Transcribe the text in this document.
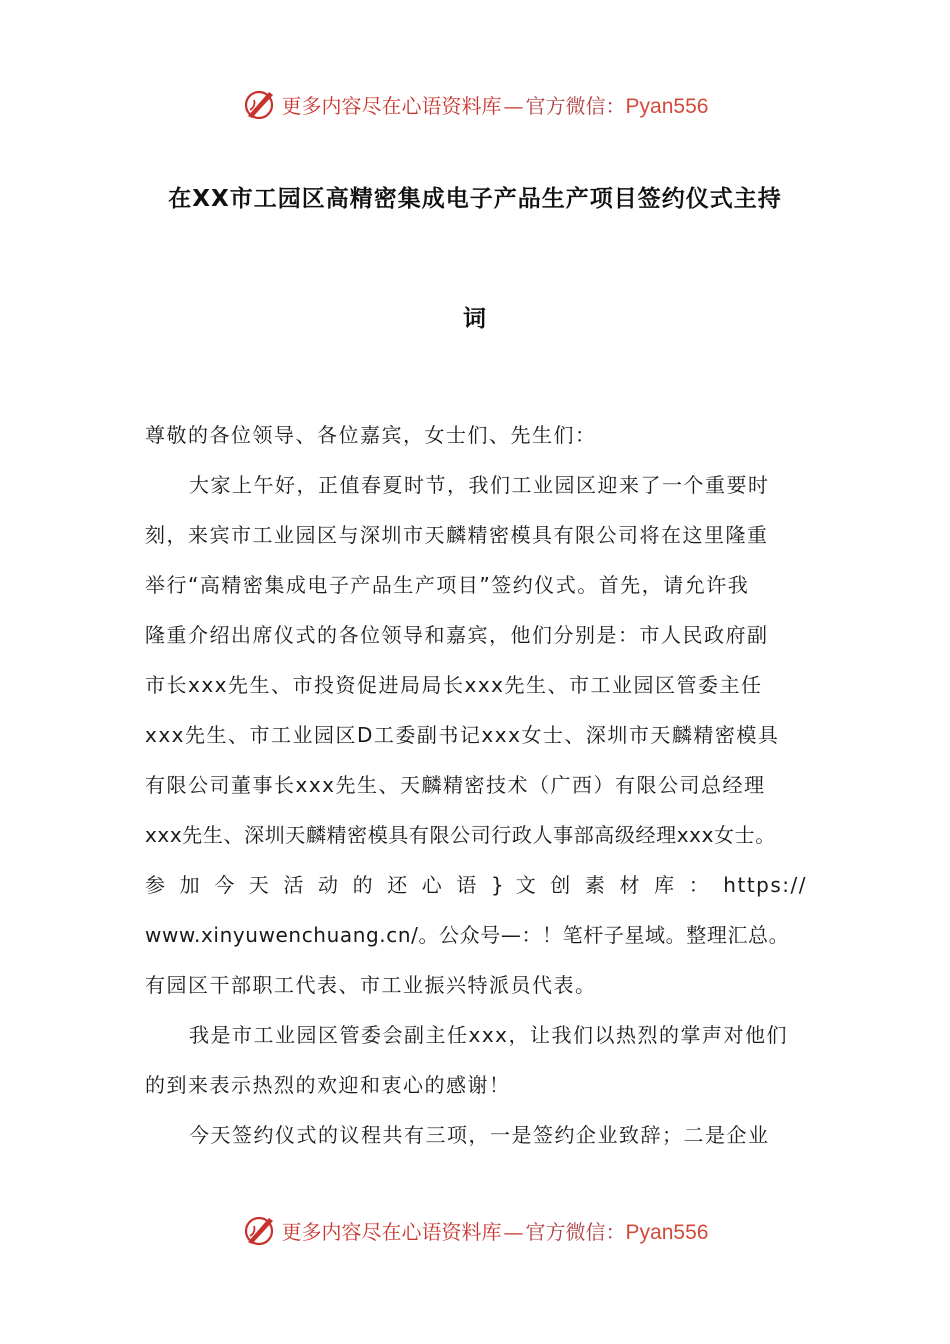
更多内容尽在心语资料库 — 官方微信：Pyan556
在XX市工园区高精密集成电子产品生产项目签约仪式主持
词
尊敬的各位领导、各位嘉宾，女士们、先生们：
大家上午好，正值春夏时节，我们工业园区迎来了一个重要时
刻，来宾市工业园区与深圳市天麟精密模具有限公司将在这里隆重
举行“高精密集成电子产品生产项目”签约仪式。首先，请允许我
隆重介绍出席仪式的各位领导和嘉宾，他们分别是：市人民政府副
市长xxx先生、市投资促进局局长xxx先生、市工业园区管委主任
xxx先生、市工业园区D工委副书记xxx女士、深圳市天麟精密模具
有限公司董事长xxx先生、天麟精密技术（广西）有限公司总经理
xxx先生、深圳天麟精密模具有限公司行政人事部高级经理xxx女士。
参 加 今 天 活 动 的 还 心 语 } 文 创 素 材 库 ： https://
www.xinyuwenchuang.cn/。公众号—：！笔杆子星域。整理汇总。
有园区干部职工代表、市工业振兴特派员代表。
我是市工业园区管委会副主任xxx，让我们以热烈的掌声对他们
的到来表示热烈的欢迎和衷心的感谢！
今天签约仪式的议程共有三项，一是签约企业致辞；二是企业
更多内容尽在心语资料库 — 官方微信：Pyan556
